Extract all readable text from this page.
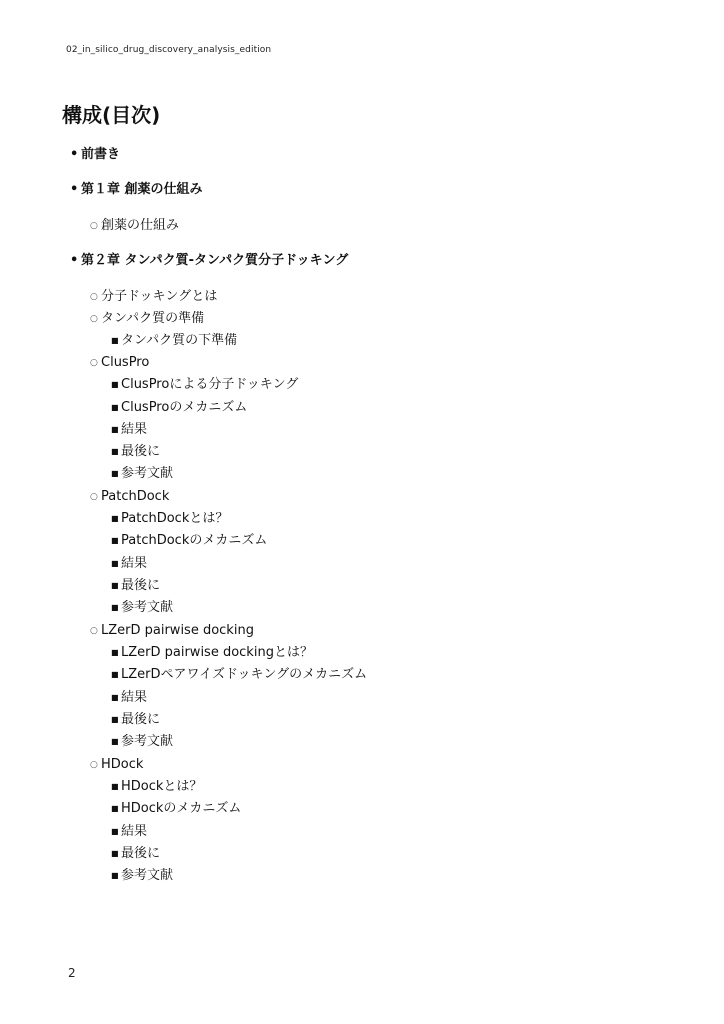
02_in_silico_drug_discovery_analysis_edition
構成(目次)
• 前書き
• 第１章 創薬の仕組み
○ 創薬の仕組み
• 第２章 タンパク質-タンパク質分子ドッキング
○ 分子ドッキングとは
○ タンパク質の準備
■ タンパク質の下準備
○ ClusPro
■ ClusProによる分子ドッキング
■ ClusProのメカニズム
■ 結果
■ 最後に
■ 参考文献
○ PatchDock
■ PatchDockとは？
■ PatchDockのメカニズム
■ 結果
■ 最後に
■ 参考文献
○ LZerD pairwise docking
■ LZerD pairwise dockingとは？
■ LZerDペアワイズドッキングのメカニズム
■ 結果
■ 最後に
■ 参考文献
○ HDock
■ HDockとは？
■ HDockのメカニズム
■ 結果
■ 最後に
■ 参考文献
2
